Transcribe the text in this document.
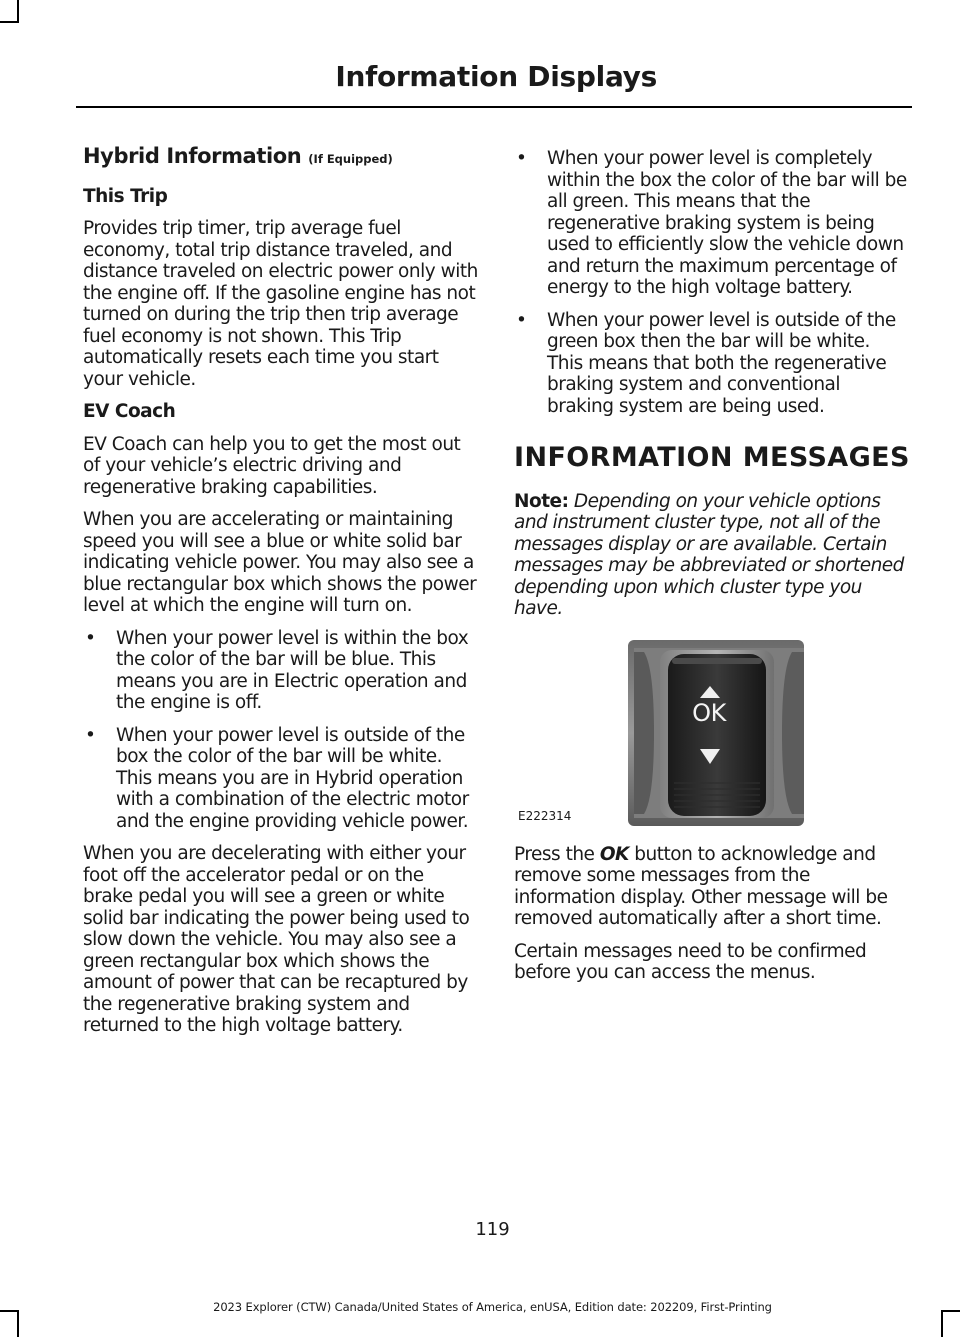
Information Displays
Hybrid Information (If Equipped)
This Trip
Provides trip timer, trip average fuel economy, total trip distance traveled, and distance traveled on electric power only with the engine off. If the gasoline engine has not turned on during the trip then trip average fuel economy is not shown. This Trip automatically resets each time you start your vehicle.
EV Coach
EV Coach can help you to get the most out of your vehicle’s electric driving and regenerative braking capabilities.
When you are accelerating or maintaining speed you will see a blue or white solid bar indicating vehicle power. You may also see a blue rectangular box which shows the power level at which the engine will turn on.
• When your power level is within the box the color of the bar will be blue. This means you are in Electric operation and the engine is off.
• When your power level is outside of the box the color of the bar will be white. This means you are in Hybrid operation with a combination of the electric motor and the engine providing vehicle power.
When you are decelerating with either your foot off the accelerator pedal or on the brake pedal you will see a green or white solid bar indicating the power being used to slow down the vehicle. You may also see a green rectangular box which shows the amount of power that can be recaptured by the regenerative braking system and returned to the high voltage battery.
• When your power level is completely within the box the color of the bar will be all green. This means that the regenerative braking system is being used to efficiently slow the vehicle down and return the maximum percentage of energy to the high voltage battery.
• When your power level is outside of the green box then the bar will be white. This means that both the regenerative braking system and conventional braking system are being used.
INFORMATION MESSAGES
Note: Depending on your vehicle options and instrument cluster type, not all of the messages display or are available. Certain messages may be abbreviated or shortened depending upon which cluster type you have.
OK
E222314
Press the OK button to acknowledge and remove some messages from the information display. Other message will be removed automatically after a short time.
Certain messages need to be confirmed before you can access the menus.
119
2023 Explorer (CTW) Canada/United States of America, enUSA, Edition date: 202209, First-Printing
